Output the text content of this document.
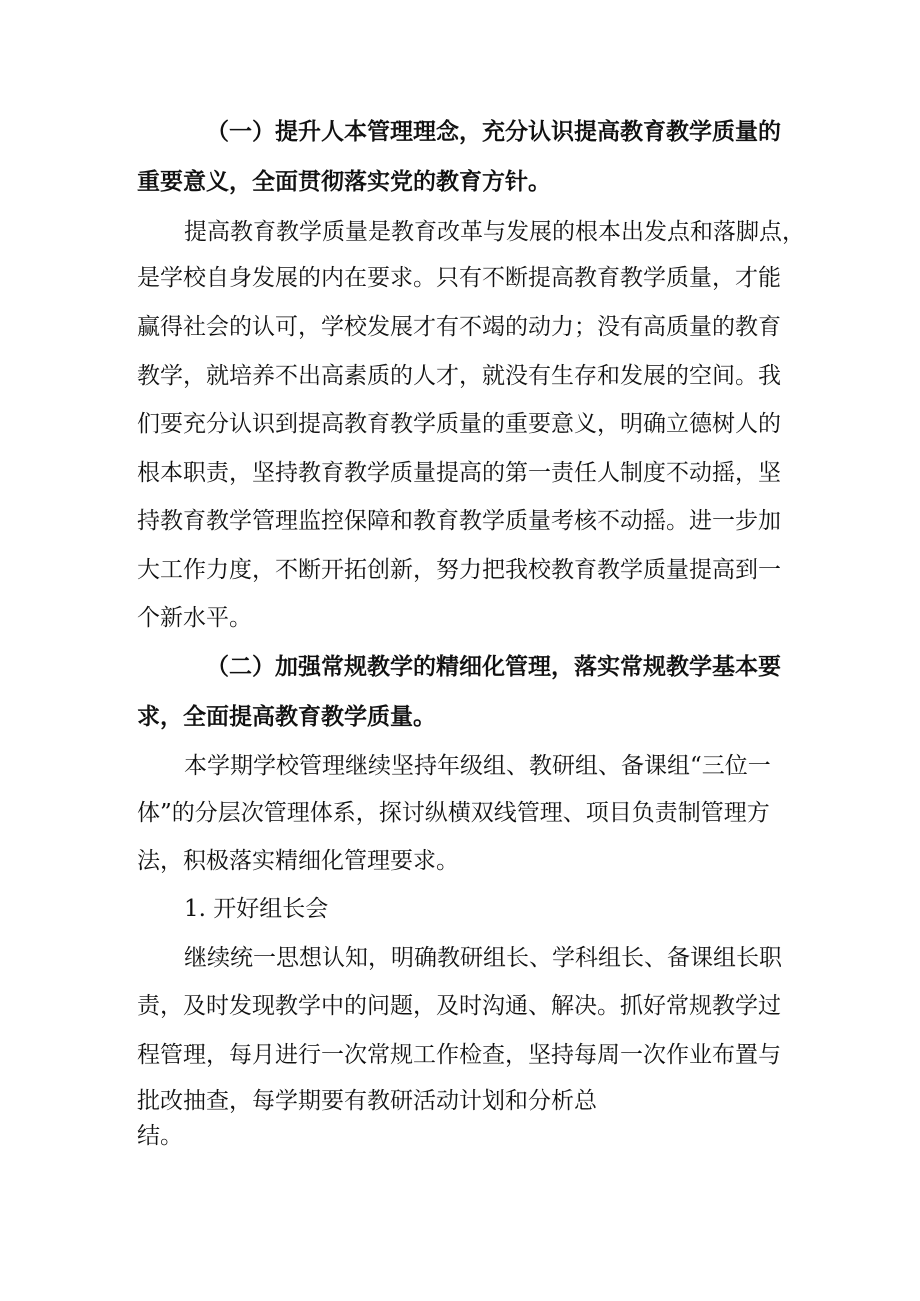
（一）提升人本管理理念，充分认识提高教育教学质量的
重要意义，全面贯彻落实党的教育方针。
提高教育教学质量是教育改革与发展的根本出发点和落脚点，
是学校自身发展的内在要求。只有不断提高教育教学质量，才能
赢得社会的认可，学校发展才有不竭的动力；没有高质量的教育
教学，就培养不出高素质的人才，就没有生存和发展的空间。我
们要充分认识到提高教育教学质量的重要意义，明确立德树人的
根本职责，坚持教育教学质量提高的第一责任人制度不动摇，坚
持教育教学管理监控保障和教育教学质量考核不动摇。进一步加
大工作力度，不断开拓创新，努力把我校教育教学质量提高到一
个新水平。
（二）加强常规教学的精细化管理，落实常规教学基本要
求，全面提高教育教学质量。
本学期学校管理继续坚持年级组、教研组、备课组“三位一
体”的分层次管理体系，探讨纵横双线管理、项目负责制管理方
法，积极落实精细化管理要求。
1. 开好组长会
继续统一思想认知，明确教研组长、学科组长、备课组长职
责，及时发现教学中的问题，及时沟通、解决。抓好常规教学过
程管理，每月进行一次常规工作检查，坚持每周一次作业布置与
批改抽查，每学期要有教研活动计划和分析总
结。
